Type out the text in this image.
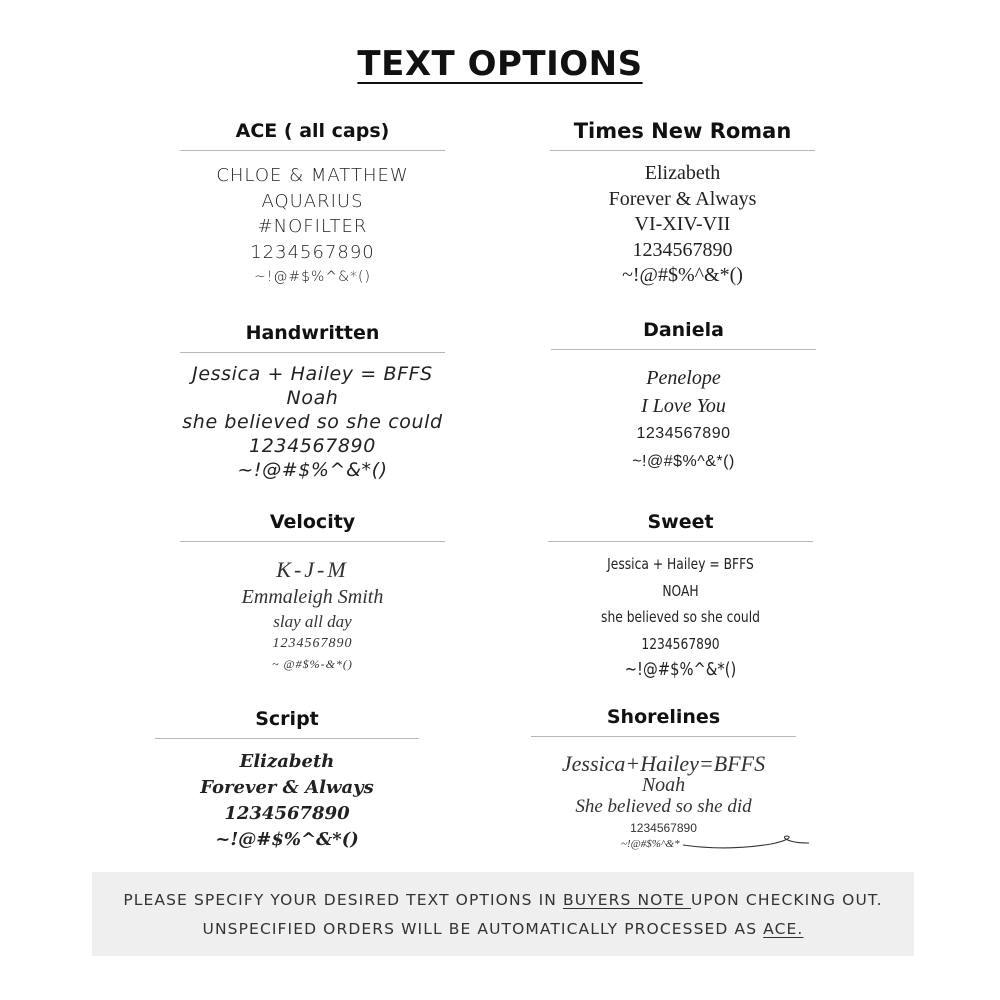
TEXT OPTIONS
ACE ( all caps)
CHLOE & MATTHEW
AQUARIUS
#NOFILTER
1234567890
~!@#$%^&*()
Times New Roman
Elizabeth
Forever & Always
VI-XIV-VII
1234567890
~!@#$%^&*()
Handwritten
Jessica + Hailey = BFFS
Noah
she believed so she could
1234567890
~!@#$%^&*()
Daniela
Penelope
I Love You
1234567890
~!@#$%^&*()
Velocity
K-J-M
Emmaleigh Smith
slay all day
1234567890
~ @#$%-&*()
Sweet
Jessica + Hailey = BFFS
NOAH
she believed so she could
1234567890
~!@#$%^&*()
Script
Elizabeth
Forever & Always
1234567890
~!@#$%^&*()
Shorelines
Jessica+Hailey=BFFS
Noah
She believed so she did
1234567890
~!@#$%^&*
PLEASE SPECIFY YOUR DESIRED TEXT OPTIONS IN BUYERS NOTE UPON CHECKING OUT.
UNSPECIFIED ORDERS WILL BE AUTOMATICALLY PROCESSED AS ACE.
